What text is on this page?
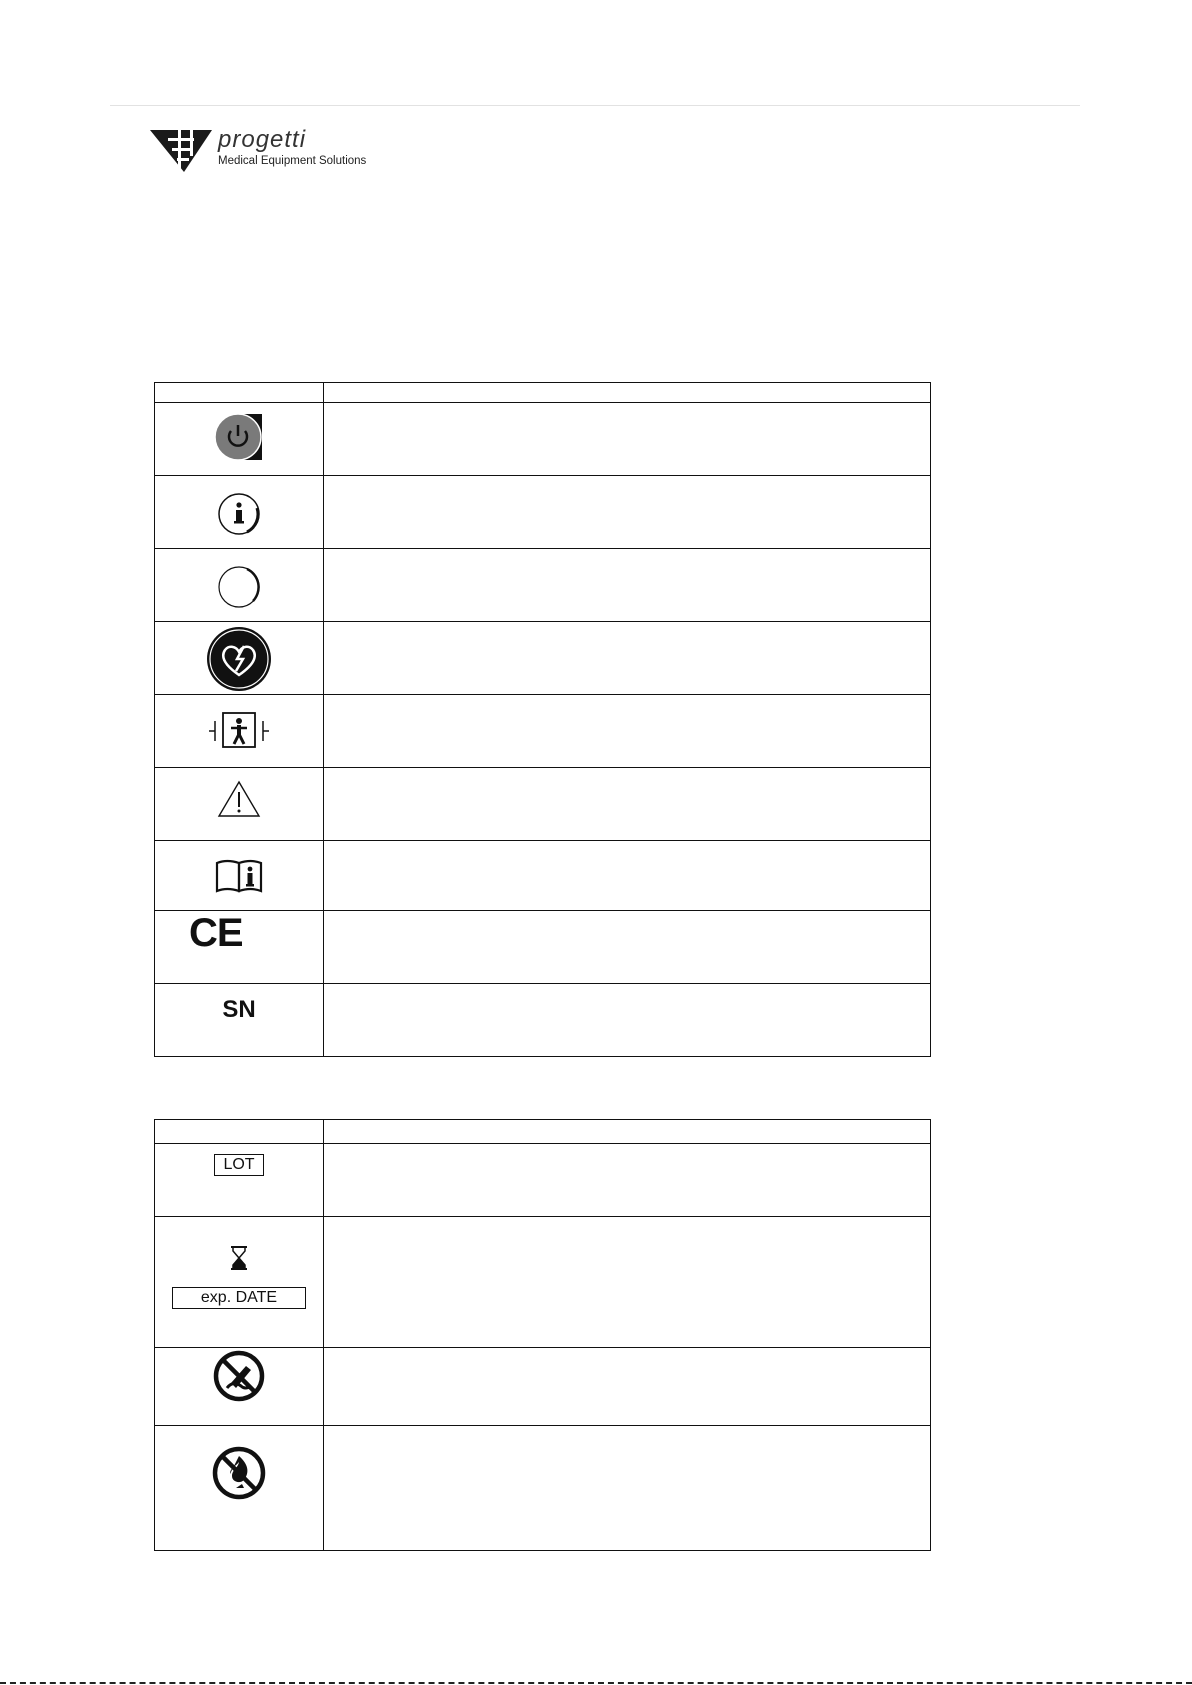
progetti
Medical Equipment Solutions

CE	

SN	

LOT	

exp. DATE	
